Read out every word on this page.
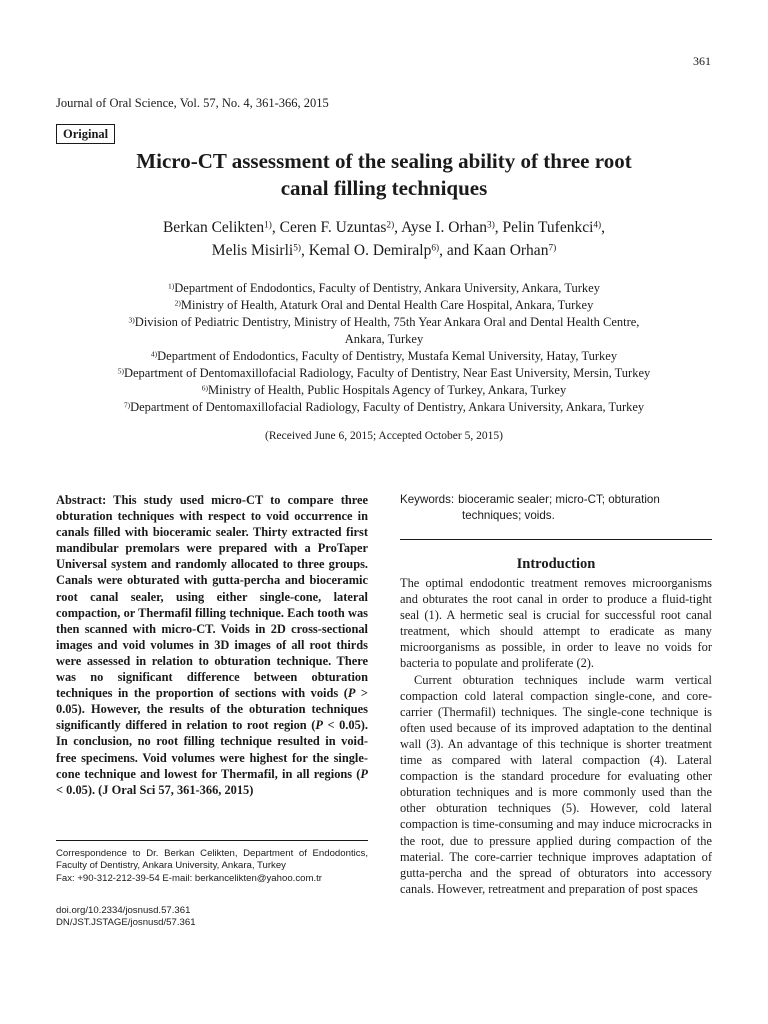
361
Journal of Oral Science, Vol. 57, No. 4, 361-366, 2015
Original
Micro-CT assessment of the sealing ability of three root
canal filling techniques
Berkan Celikten$^{1)}$, Ceren F. Uzuntas$^{2)}$, Ayse I. Orhan$^{3)}$, Pelin Tufenkci$^{4)}$,
Melis Misirli$^{5)}$, Kemal O. Demiralp$^{6)}$, and Kaan Orhan$^{7)}$
$^{1)}$Department of Endodontics, Faculty of Dentistry, Ankara University, Ankara, Turkey
$^{2)}$Ministry of Health, Ataturk Oral and Dental Health Care Hospital, Ankara, Turkey
$^{3)}$Division of Pediatric Dentistry, Ministry of Health, 75th Year Ankara Oral and Dental Health Centre,
Ankara, Turkey
$^{4)}$Department of Endodontics, Faculty of Dentistry, Mustafa Kemal University, Hatay, Turkey
$^{5)}$Department of Dentomaxillofacial Radiology, Faculty of Dentistry, Near East University, Mersin, Turkey
$^{6)}$Ministry of Health, Public Hospitals Agency of Turkey, Ankara, Turkey
$^{7)}$Department of Dentomaxillofacial Radiology, Faculty of Dentistry, Ankara University, Ankara, Turkey
(Received June 6, 2015; Accepted October 5, 2015)

Abstract: This study used micro-CT to compare three obturation techniques with respect to void occurrence in canals filled with bioceramic sealer. Thirty extracted first mandibular premolars were prepared with a ProTaper Universal system and randomly allocated to three groups. Canals were obturated with gutta-percha and bioceramic root canal sealer, using either single-cone, lateral compaction, or Thermafil filling technique. Each tooth was then scanned with micro-CT. Voids in 2D cross-sectional images and void volumes in 3D images of all root thirds were assessed in relation to obturation technique. There was no significant difference between obturation techniques in the proportion of sections with voids (P > 0.05). However, the results of the obturation techniques significantly differed in relation to root region (P < 0.05). In conclusion, no root filling technique resulted in void-free specimens. Void volumes were highest for the single-cone technique and lowest for Thermafil, in all regions (P < 0.05). (J Oral Sci 57, 361-366, 2015)

Correspondence to Dr. Berkan Celikten, Department of Endodontics, Faculty of Dentistry, Ankara University, Ankara, Turkey

Fax: +90-312-212-39-54 E-mail: berkancelikten@yahoo.com.tr

doi.org/10.2334/josnusd.57.361
DN/JST.JSTAGE/josnusd/57.361
Keywords: bioceramic sealer; micro-CT; obturation
techniques; voids.
Introduction

The optimal endodontic treatment removes microorganisms and obturates the root canal in order to produce a fluid-tight seal (1). A hermetic seal is crucial for successful root canal treatment, which should attempt to eradicate as many microorganisms as possible, in order to leave no voids for bacteria to populate and proliferate (2).

Current obturation techniques include warm vertical compaction cold lateral compaction single-cone, and core-carrier (Thermafil) techniques. The single-cone technique is often used because of its improved adaptation to the dentinal wall (3). An advantage of this technique is shorter treatment time as compared with lateral compaction (4). Lateral compaction is the standard procedure for evaluating other obturation techniques and is more commonly used than the other obturation techniques (5). However, cold lateral compaction is time-consuming and may induce microcracks in the root, due to pressure applied during compaction of the material. The core-carrier technique improves adaptation of gutta-percha and the spread of obturators into accessory canals. However, retreatment and preparation of post spaces
